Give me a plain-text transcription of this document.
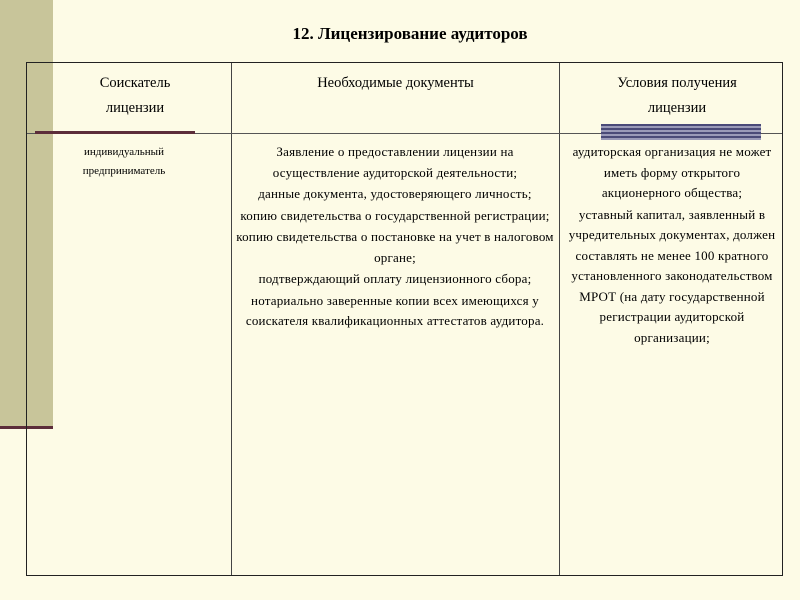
12. Лицензирование аудиторов
Соискатель лицензии
Необходимые документы	Условия получения лицензии
индивидуальный предприниматель

Заявление о предоставлении лицензии на осуществление аудиторской деятельности;

данные документа, удостоверяющего личность;

копию свидетельства о государственной регистрации;

копию свидетельства о постановке на учет в налоговом органе;

подтверждающий оплату лицензионного сбора;

нотариально заверенные копии всех имеющихся у соискателя квалификационных аттестатов аудитора.

аудиторская организация не может иметь форму открытого акционерного общества;

уставный капитал, заявленный в учредительных документах, должен составлять не менее 100 кратного установленного законодательством МРОТ (на дату государственной регистрации аудиторской организации;
